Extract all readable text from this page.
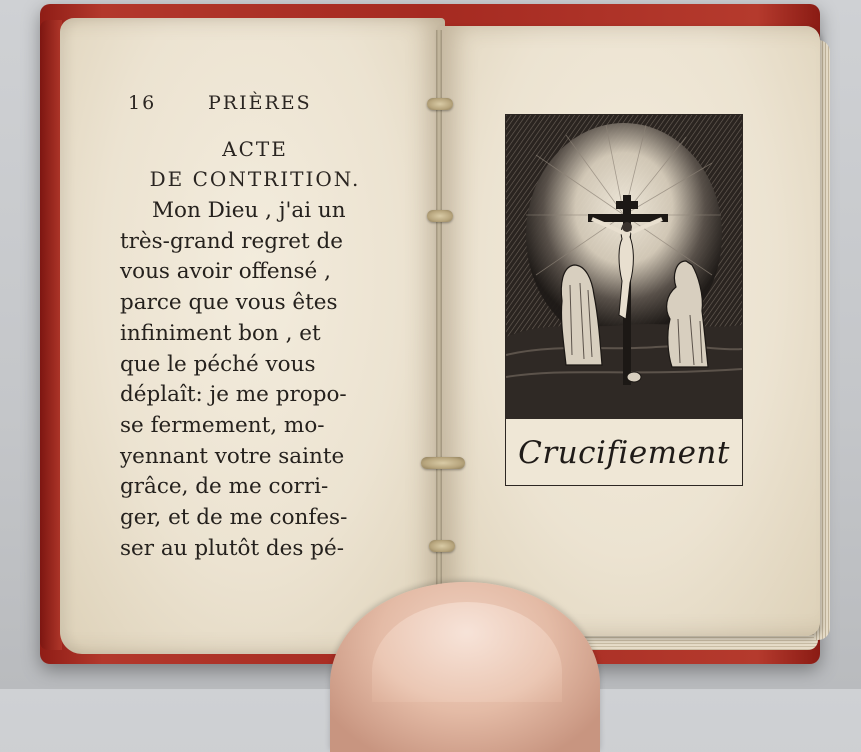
16	PRIÈRES
ACTE
DE CONTRITION.
Mon Dieu , j'ai un
très-grand regret de
vous avoir offensé ,
parce que vous êtes
infiniment bon , et
que le péché vous
déplaît: je me propo-
se fermement, mo-
yennant votre sainte
grâce, de me corri-
ger, et de me confes-
ser au plutôt des pé-
Crucifiement
